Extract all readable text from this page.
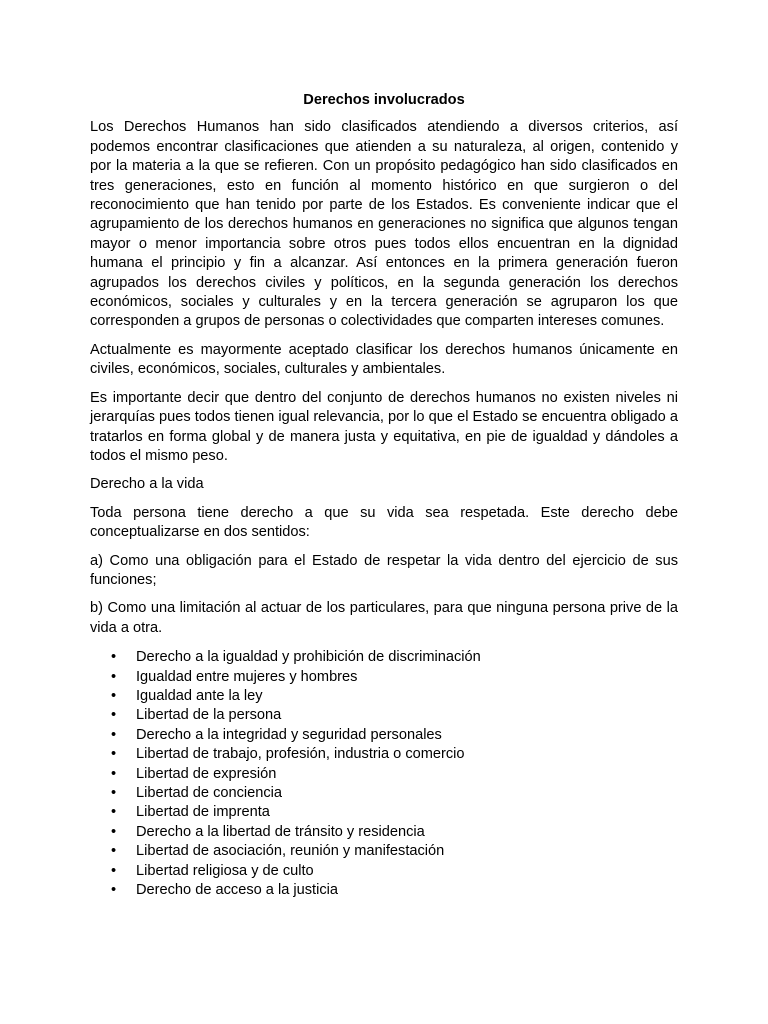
Derechos involucrados

Los Derechos Humanos han sido clasificados atendiendo a diversos criterios, así podemos encontrar clasificaciones que atienden a su naturaleza, al origen, contenido y por la materia a la que se refieren. Con un propósito pedagógico han sido clasificados en tres generaciones, esto en función al momento histórico en que surgieron o del reconocimiento que han tenido por parte de los Estados. Es conveniente indicar que el agrupamiento de los derechos humanos en generaciones no significa que algunos tengan mayor o menor importancia sobre otros pues todos ellos encuentran en la dignidad humana el principio y fin a alcanzar. Así entonces en la primera generación fueron agrupados los derechos civiles y políticos, en la segunda generación los derechos económicos, sociales y culturales y en la tercera generación se agruparon los que corresponden a grupos de personas o colectividades que comparten intereses comunes.

Actualmente es mayormente aceptado clasificar los derechos humanos únicamente en civiles, económicos, sociales, culturales y ambientales.

Es importante decir que dentro del conjunto de derechos humanos no existen niveles ni jerarquías pues todos tienen igual relevancia, por lo que el Estado se encuentra obligado a tratarlos en forma global y de manera justa y equitativa, en pie de igualdad y dándoles a todos el mismo peso.

Derecho a la vida

Toda persona tiene derecho a que su vida sea respetada. Este derecho debe conceptualizarse en dos sentidos:

a) Como una obligación para el Estado de respetar la vida dentro del ejercicio de sus funciones;

b) Como una limitación al actuar de los particulares, para que ninguna persona prive de la vida a otra.

• Derecho a la igualdad y prohibición de discriminación
• Igualdad entre mujeres y hombres
• Igualdad ante la ley
• Libertad de la persona
• Derecho a la integridad y seguridad personales
• Libertad de trabajo, profesión, industria o comercio
• Libertad de expresión
• Libertad de conciencia
• Libertad de imprenta
• Derecho a la libertad de tránsito y residencia
• Libertad de asociación, reunión y manifestación
• Libertad religiosa y de culto
• Derecho de acceso a la justicia
